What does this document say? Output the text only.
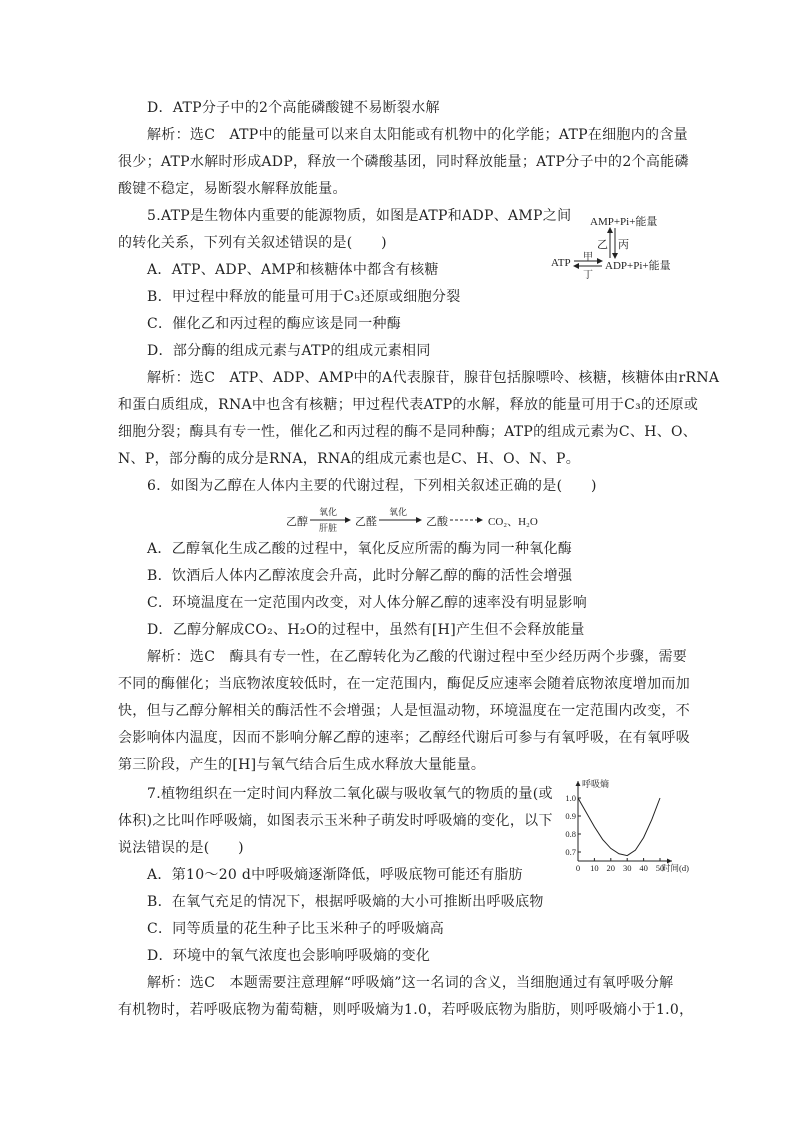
D．ATP分子中的2个高能磷酸键不易断裂水解
解析：选C　ATP中的能量可以来自太阳能或有机物中的化学能；ATP在细胞内的含量
很少；ATP水解时形成ADP，释放一个磷酸基团，同时释放能量；ATP分子中的2个高能磷
酸键不稳定，易断裂水解释放能量。
5.ATP是生物体内重要的能源物质，如图是ATP和ADP、AMP之间
的转化关系，下列有关叙述错误的是(　　)
A．ATP、ADP、AMP和核糖体中都含有核糖
B．甲过程中释放的能量可用于C₃还原或细胞分裂
C．催化乙和丙过程的酶应该是同一种酶
D．部分酶的组成元素与ATP的组成元素相同
解析：选C　ATP、ADP、AMP中的A代表腺苷，腺苷包括腺嘌呤、核糖，核糖体由rRNA
和蛋白质组成，RNA中也含有核糖；甲过程代表ATP的水解，释放的能量可用于C₃的还原或
细胞分裂；酶具有专一性，催化乙和丙过程的酶不是同种酶；ATP的组成元素为C、H、O、
N、P，部分酶的成分是RNA，RNA的组成元素也是C、H、O、N、P。
6．如图为乙醇在人体内主要的代谢过程，下列相关叙述正确的是(　　)
A．乙醇氧化生成乙酸的过程中，氧化反应所需的酶为同一种氧化酶
B．饮酒后人体内乙醇浓度会升高，此时分解乙醇的酶的活性会增强
C．环境温度在一定范围内改变，对人体分解乙醇的速率没有明显影响
D．乙醇分解成CO₂、H₂O的过程中，虽然有[H]产生但不会释放能量
解析：选C　酶具有专一性，在乙醇转化为乙酸的代谢过程中至少经历两个步骤，需要
不同的酶催化；当底物浓度较低时，在一定范围内，酶促反应速率会随着底物浓度增加而加
快，但与乙醇分解相关的酶活性不会增强；人是恒温动物，环境温度在一定范围内改变，不
会影响体内温度，因而不影响分解乙醇的速率；乙醇经代谢后可参与有氧呼吸，在有氧呼吸
第三阶段，产生的[H]与氧气结合后生成水释放大量能量。
7.植物组织在一定时间内释放二氧化碳与吸收氧气的物质的量(或
体积)之比叫作呼吸熵，如图表示玉米种子萌发时呼吸熵的变化，以下
说法错误的是(　　)
A．第10～20 d中呼吸熵逐渐降低，呼吸底物可能还有脂肪
B．在氧气充足的情况下，根据呼吸熵的大小可推断出呼吸底物
C．同等质量的花生种子比玉米种子的呼吸熵高
D．环境中的氧气浓度也会影响呼吸熵的变化
解析：选C　本题需要注意理解“呼吸熵”这一名词的含义，当细胞通过有氧呼吸分解
有机物时，若呼吸底物为葡萄糖，则呼吸熵为1.0，若呼吸底物为脂肪，则呼吸熵小于1.0，
AMP+Pi+能量
乙 丙
ATP 甲
丁
ADP+Pi+能量
乙醇
氧化
肝脏 乙醛
氧化
乙酸	CO₂、H₂O
0.7
0.8
0.9
1.0
0 10 20 30 40 50
呼吸熵
时间(d)
